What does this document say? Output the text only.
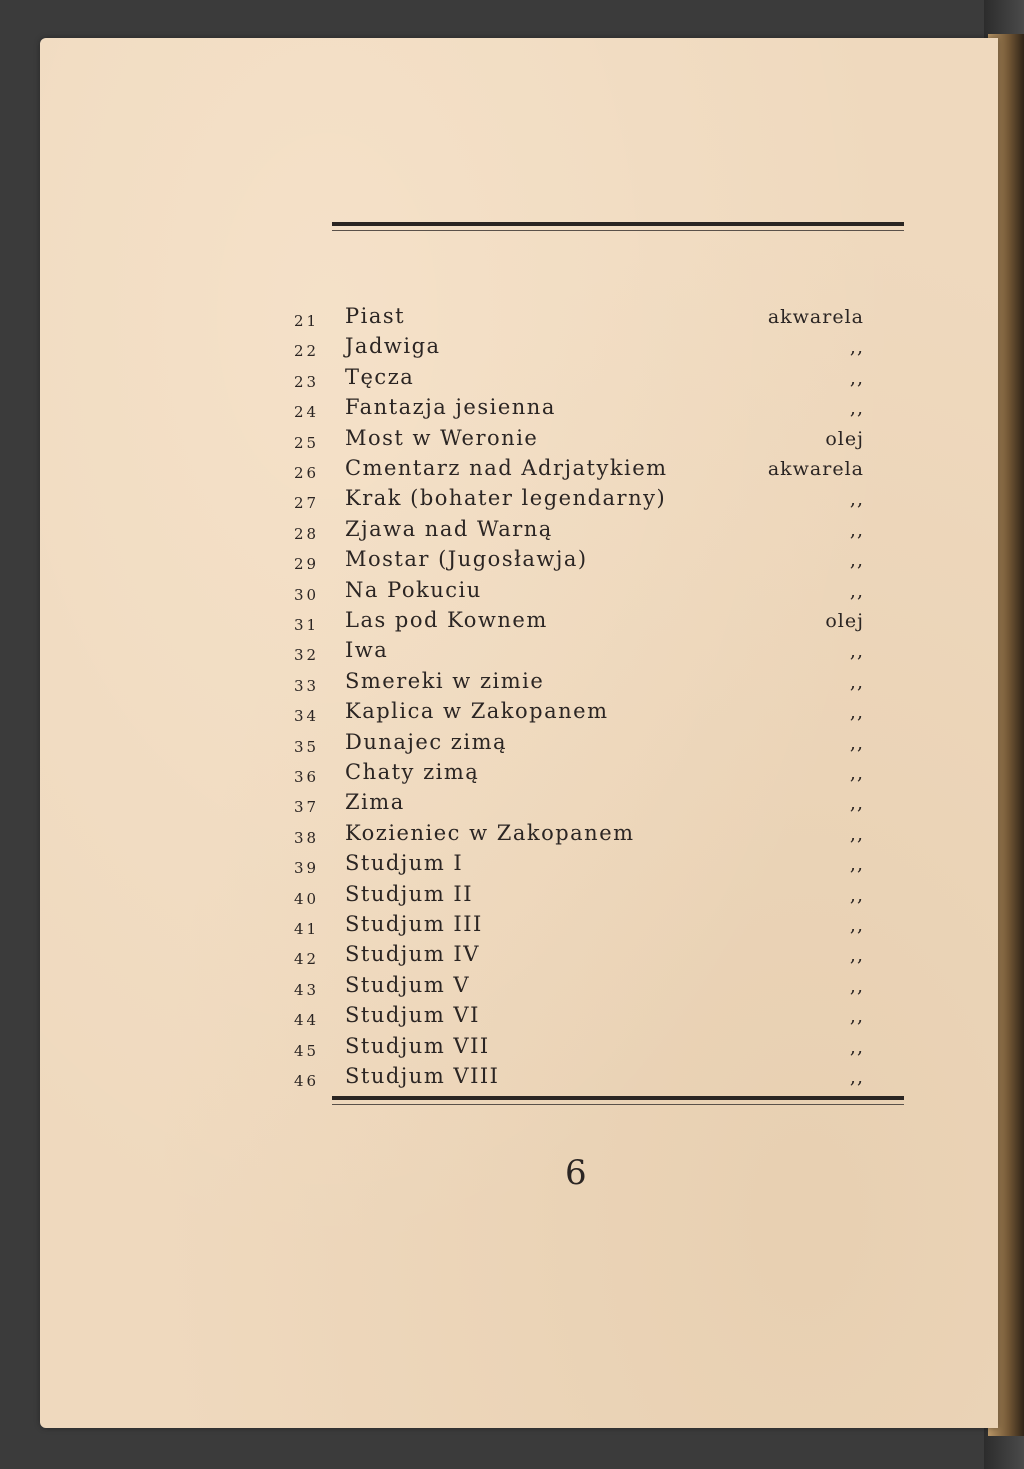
21	Piast	akwarela
22	Jadwiga	,,
23	Tęcza	,,
24	Fantazja jesienna	,,
25	Most w Weronie	olej
26	Cmentarz nad Adrjatykiem	akwarela
27	Krak (bohater legendarny)	,,
28	Zjawa nad Warną	,,
29	Mostar (Jugosławja)	,,
30	Na Pokuciu	,,
31	Las pod Kownem	olej
32	Iwa	,,
33	Smereki w zimie	,,
34	Kaplica w Zakopanem	,,
35	Dunajec zimą	,,
36	Chaty zimą	,,
37	Zima	,,
38	Kozieniec w Zakopanem	,,
39	Studjum I	,,
40	Studjum II	,,
41	Studjum III	,,
42	Studjum IV	,,
43	Studjum V	,,
44	Studjum VI	,,
45	Studjum VII	,,
46	Studjum VIII	,,
6
